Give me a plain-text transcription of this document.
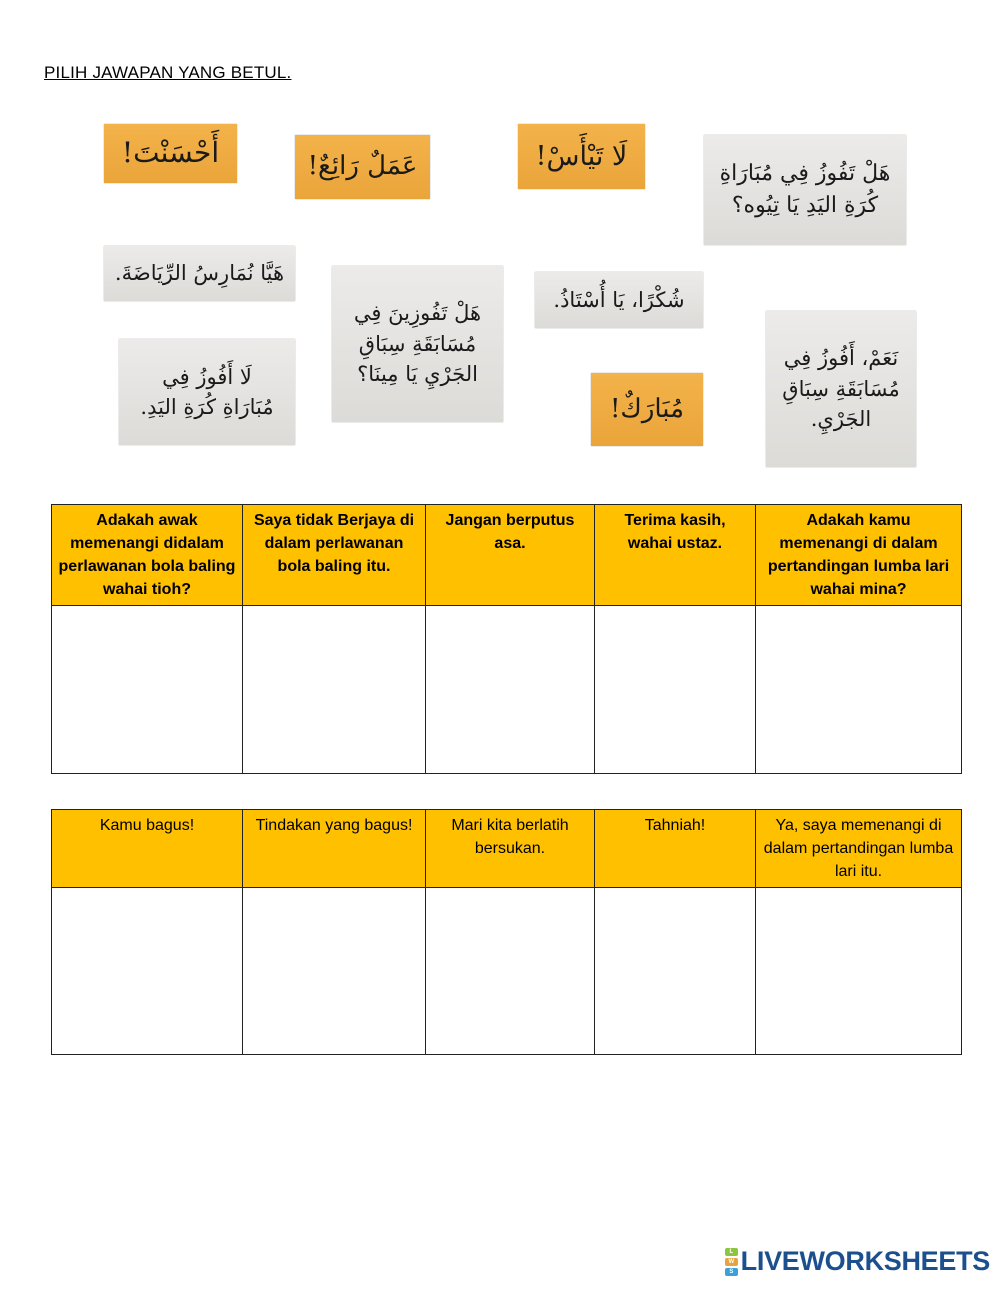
PILIH JAWAPAN YANG BETUL.
أَحْسَنْتَ!	عَمَلٌ رَائِعٌ!	لَا تَيْأَسْ!
هَلْ تَفُوزُ فِي مُبَارَاةِ
كُرَةِ اليَدِ يَا تِيُوه؟
هَيَّا نُمَارِسُ الرِّيَاضَةَ.
هَلْ تَفُوزِينَ فِي
مُسَابَقَةِ سِبَاقِ
الجَرْيِ يَا مِينَا؟
شُكْرًا، يَا أُسْتَاذُ.
نَعَمْ، أَفُوزُ فِي
مُسَابَقَةِ سِبَاقِ
الجَرْيِ.
لَا أَفُوزُ فِي
مُبَارَاةِ كُرَةِ اليَدِ.	مُبَارَكٌ!
Adakah awak memenangi didalam perlawanan bola baling wahai tioh?	Saya tidak Berjaya di dalam perlawanan bola baling itu.	Jangan berputus asa.	Terima kasih, wahai ustaz.	Adakah kamu memenangi di dalam pertandingan lumba lari wahai mina?

Kamu bagus!	Tindakan yang bagus!	Mari kita berlatih bersukan.	Tahniah!	Ya, saya memenangi di dalam pertandingan lumba lari itu.

L
W
S LIVEWORKSHEETS
